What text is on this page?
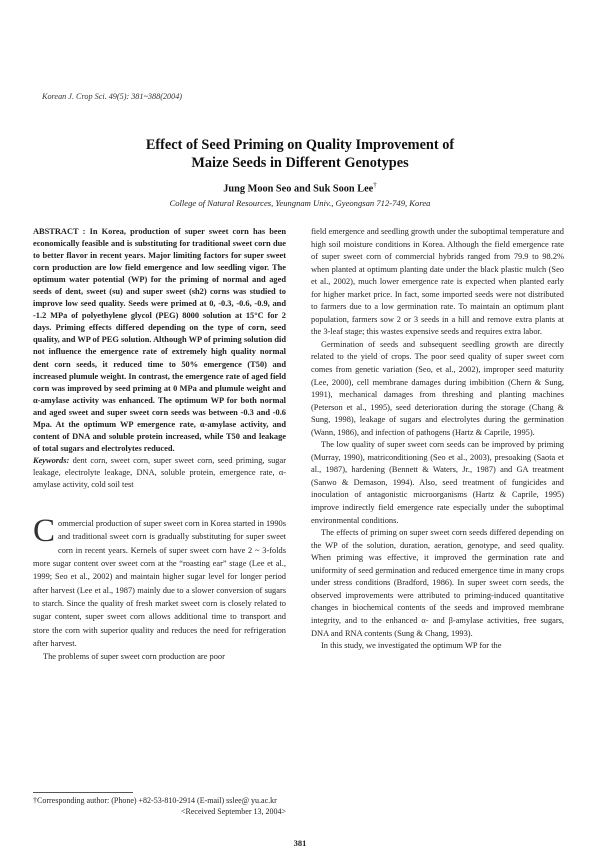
Korean J. Crop Sci. 49(5): 381~388(2004)
Effect of Seed Priming on Quality Improvement of
Maize Seeds in Different Genotypes
Jung Moon Seo and Suk Soon Lee†
College of Natural Resources, Yeungnam Univ., Gyeongsan 712-749, Korea

ABSTRACT : In Korea, production of super sweet corn has been economically feasible and is substituting for traditional sweet corn due to better flavor in recent years. Major limiting factors for super sweet corn production are low field emergence and low seedling vigor. The optimum water potential (WP) for the priming of normal and aged seeds of dent, sweet (su) and super sweet (sh2) corns was studied to improve low seed quality. Seeds were primed at 0, -0.3, -0.6, -0.9, and -1.2 MPa of polyethylene glycol (PEG) 8000 solution at 15°C for 2 days. Priming effects differed depending on the type of corn, seed quality, and WP of PEG solution. Although WP of priming solution did not influence the emergence rate of extremely high quality normal dent corn seeds, it reduced time to 50% emergence (T50) and increased plumule weight. In contrast, the emergence rate of aged field corn was improved by seed priming at 0 MPa and plumule weight and α-amylase activity was enhanced. The optimum WP for both normal and aged sweet and super sweet corn seeds was between -0.3 and -0.6 Mpa. At the optimum WP emergence rate, α-amylase activity, and content of DNA and soluble protein increased, while T50 and leakage of total sugars and electrolytes reduced.

Keywords: dent corn, sweet corn, super sweet corn, seed priming, sugar leakage, electrolyte leakage, DNA, soluble protein, emergence rate, α-amylase activity, cold soil test

Commercial production of super sweet corn in Korea started in 1990s and traditional sweet corn is gradually substituting for super sweet corn in recent years. Kernels of super sweet corn have 2 ~ 3-folds more sugar content over sweet corn at the “roasting ear” stage (Lee et al., 1999; Seo et al., 2002) and maintain higher sugar level for longer period after harvest (Lee et al., 1987) mainly due to a slower conversion of sugars to starch. Since the quality of fresh market sweet corn is closely related to sugar content, super sweet corn allows additional time to transport and store the corn with superior quality and reduces the need for refrigeration after harvest.

The problems of super sweet corn production are poor

†Corresponding author: (Phone) +82-53-810-2914 (E-mail) sslee@ yu.ac.kr
<Received September 13, 2004>

field emergence and seedling growth under the suboptimal temperature and high soil moisture conditions in Korea. Although the field emergence rate of super sweet corn of commercial hybrids ranged from 79.9 to 98.2% when planted at optimum planting date under the black plastic mulch (Seo et al., 2002), much lower emergence rate is expected when planted early for higher market price. In fact, some imported seeds were not distributed to farmers due to a low germination rate. To maintain an optimum plant population, farmers sow 2 or 3 seeds in a hill and remove extra plants at the 3-leaf stage; this wastes expensive seeds and requires extra labor.

Germination of seeds and subsequent seedling growth are directly related to the yield of crops. The poor seed quality of super sweet corn comes from genetic variation (Seo, et al., 2002), improper seed maturity (Lee, 2000), cell membrane damages during imbibition (Chern & Sung, 1991), mechanical damages from threshing and planting machines (Peterson et al., 1995), seed deterioration during the storage (Chang & Sung, 1998), leakage of sugars and electrolytes during the germination (Wann, 1986), and infection of pathogens (Hartz & Caprile, 1995).

The low quality of super sweet corn seeds can be improved by priming (Murray, 1990), matriconditioning (Seo et al., 2003), presoaking (Saota et al., 1987), hardening (Bennett & Waters, Jr., 1987) and GA treatment (Sanwo & Demason, 1994). Also, seed treatment of fungicides and inoculation of antagonistic microorganisms (Hartz & Caprile, 1995) improve indirectly field emergence rate especially under the suboptimal environmental conditions.

The effects of priming on super sweet corn seeds differed depending on the WP of the solution, duration, aeration, genotype, and seed quality. When priming was effective, it improved the germination rate and uniformity of seed germination and reduced emergence time in many crops under stress conditions (Bradford, 1986). In super sweet corn seeds, the observed improvements were attributed to priming-induced quantitative changes in biochemical contents of the seeds and improved membrane integrity, and to the enhanced α- and β-amylase activities, free sugars, DNA and RNA contents (Sung & Chang, 1993).

In this study, we investigated the optimum WP for the

381
